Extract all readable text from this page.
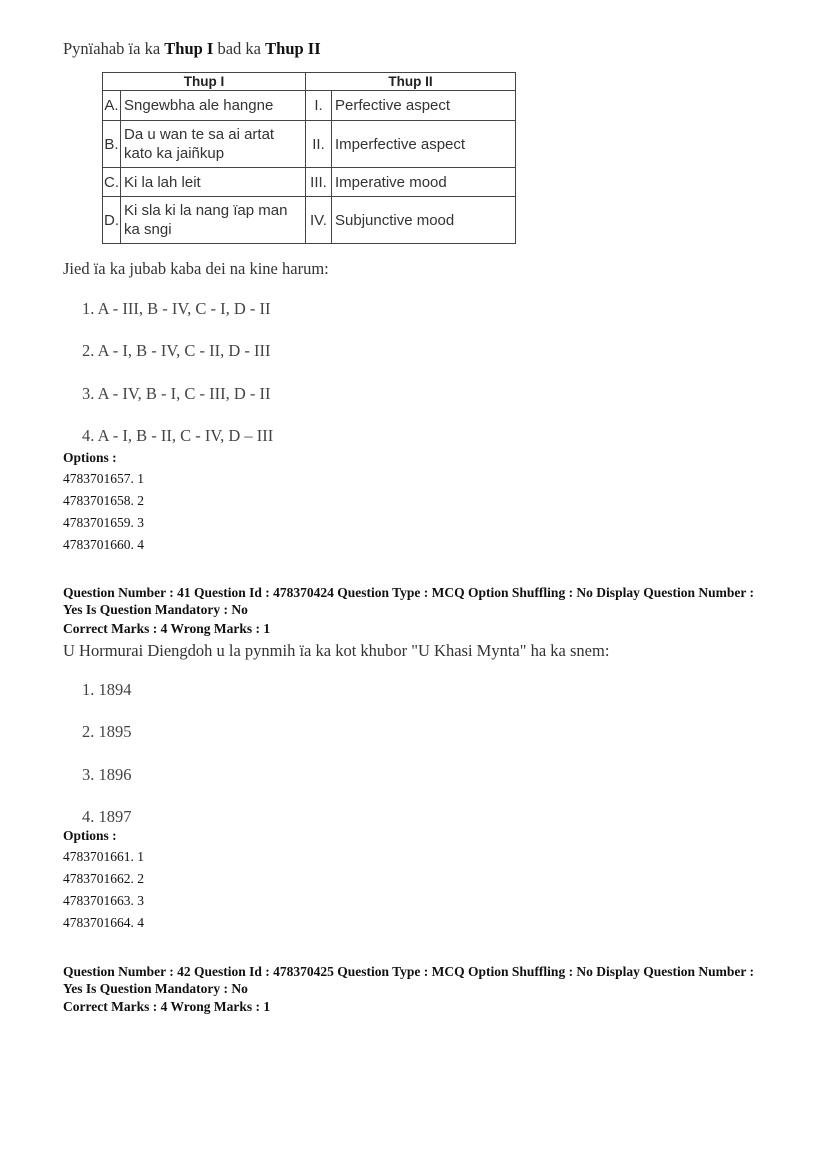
Pynïahab ïa ka Thup I bad ka Thup II
Thup I		Thup II	
A.	Sngewbha ale hangne	I.	Perfective aspect
B.	Da u wan te sa ai artat kato ka jaiñkup	II.	Imperfective aspect
C.	Ki la lah leit	III.	Imperative mood
D.	Ki sla ki la nang ïap man ka sngi	IV.	Subjunctive mood
Jied ïa ka jubab kaba dei na kine harum:
1. A - III, B - IV, C - I, D - II
2. A - I, B - IV, C - II, D - III
3. A - IV, B - I, C - III, D - II
4. A - I, B - II, C - IV, D – III
Options :
4783701657. 1
4783701658. 2
4783701659. 3
4783701660. 4
Question Number : 41 Question Id : 478370424 Question Type : MCQ Option Shuffling : No Display Question Number : Yes Is Question Mandatory : No
Correct Marks : 4 Wrong Marks : 1
U Hormurai Diengdoh u la pynmih ïa ka kot khubor "U Khasi Mynta" ha ka snem:
1. 1894
2. 1895
3. 1896
4. 1897
Options :
4783701661. 1
4783701662. 2
4783701663. 3
4783701664. 4
Question Number : 42 Question Id : 478370425 Question Type : MCQ Option Shuffling : No Display Question Number : Yes Is Question Mandatory : No
Correct Marks : 4 Wrong Marks : 1
